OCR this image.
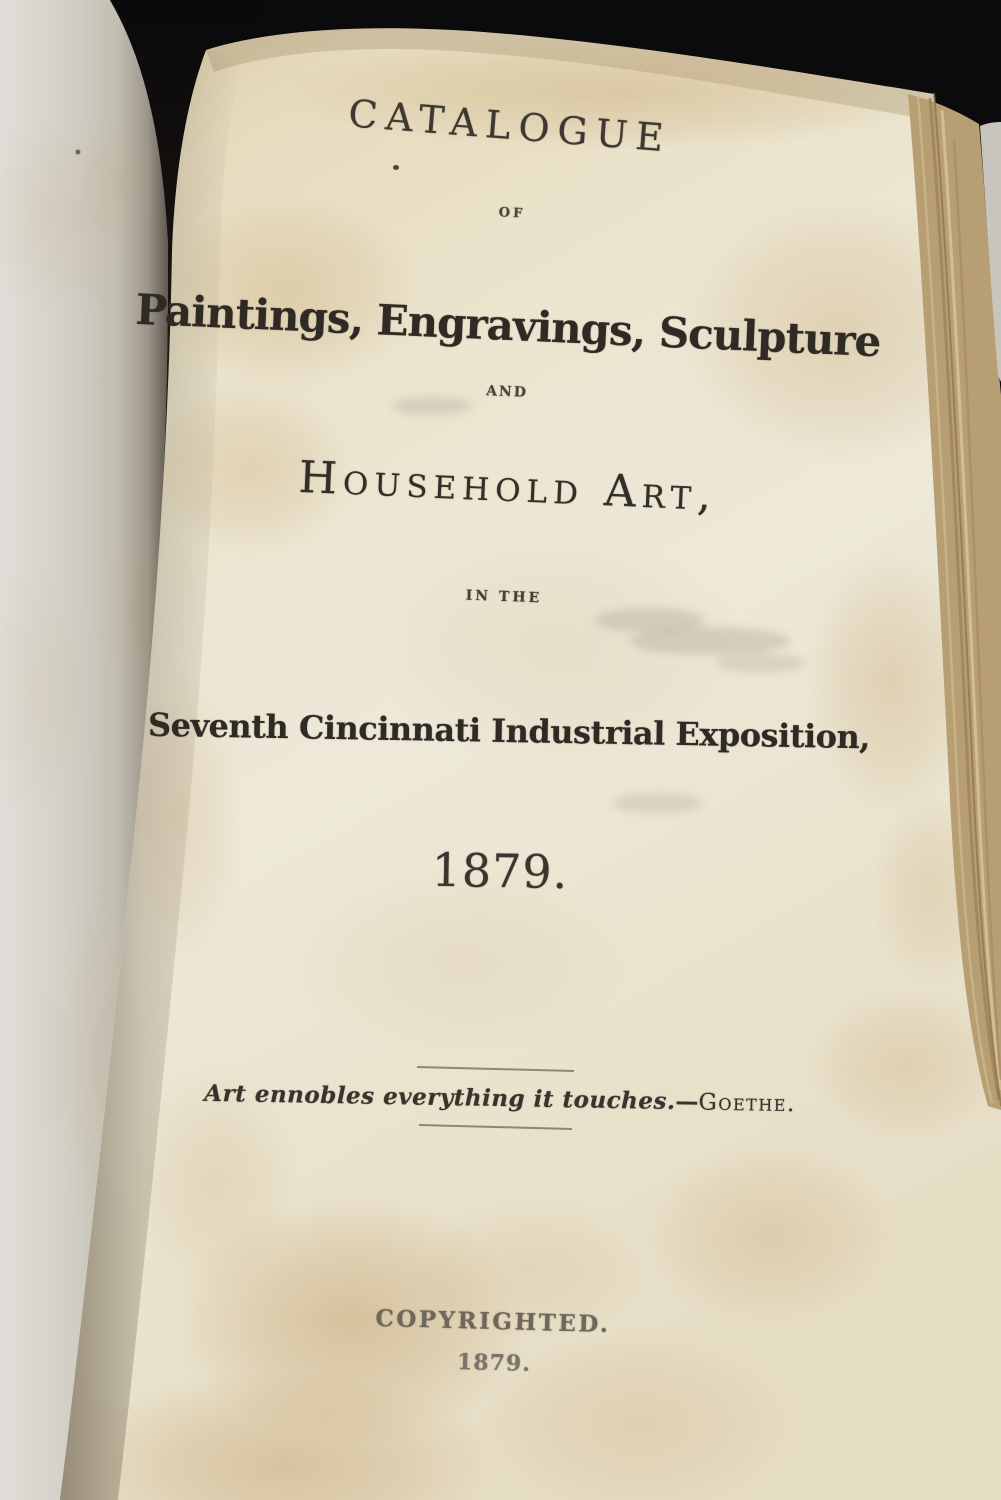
CATALOGUE
OF
Paintings, Engravings, Sculpture
AND
Household Art,
IN THE
Seventh Cincinnati Industrial Exposition,
1879.
Art ennobles everything it touches.—Goethe.
COPYRIGHTED.
1879.
